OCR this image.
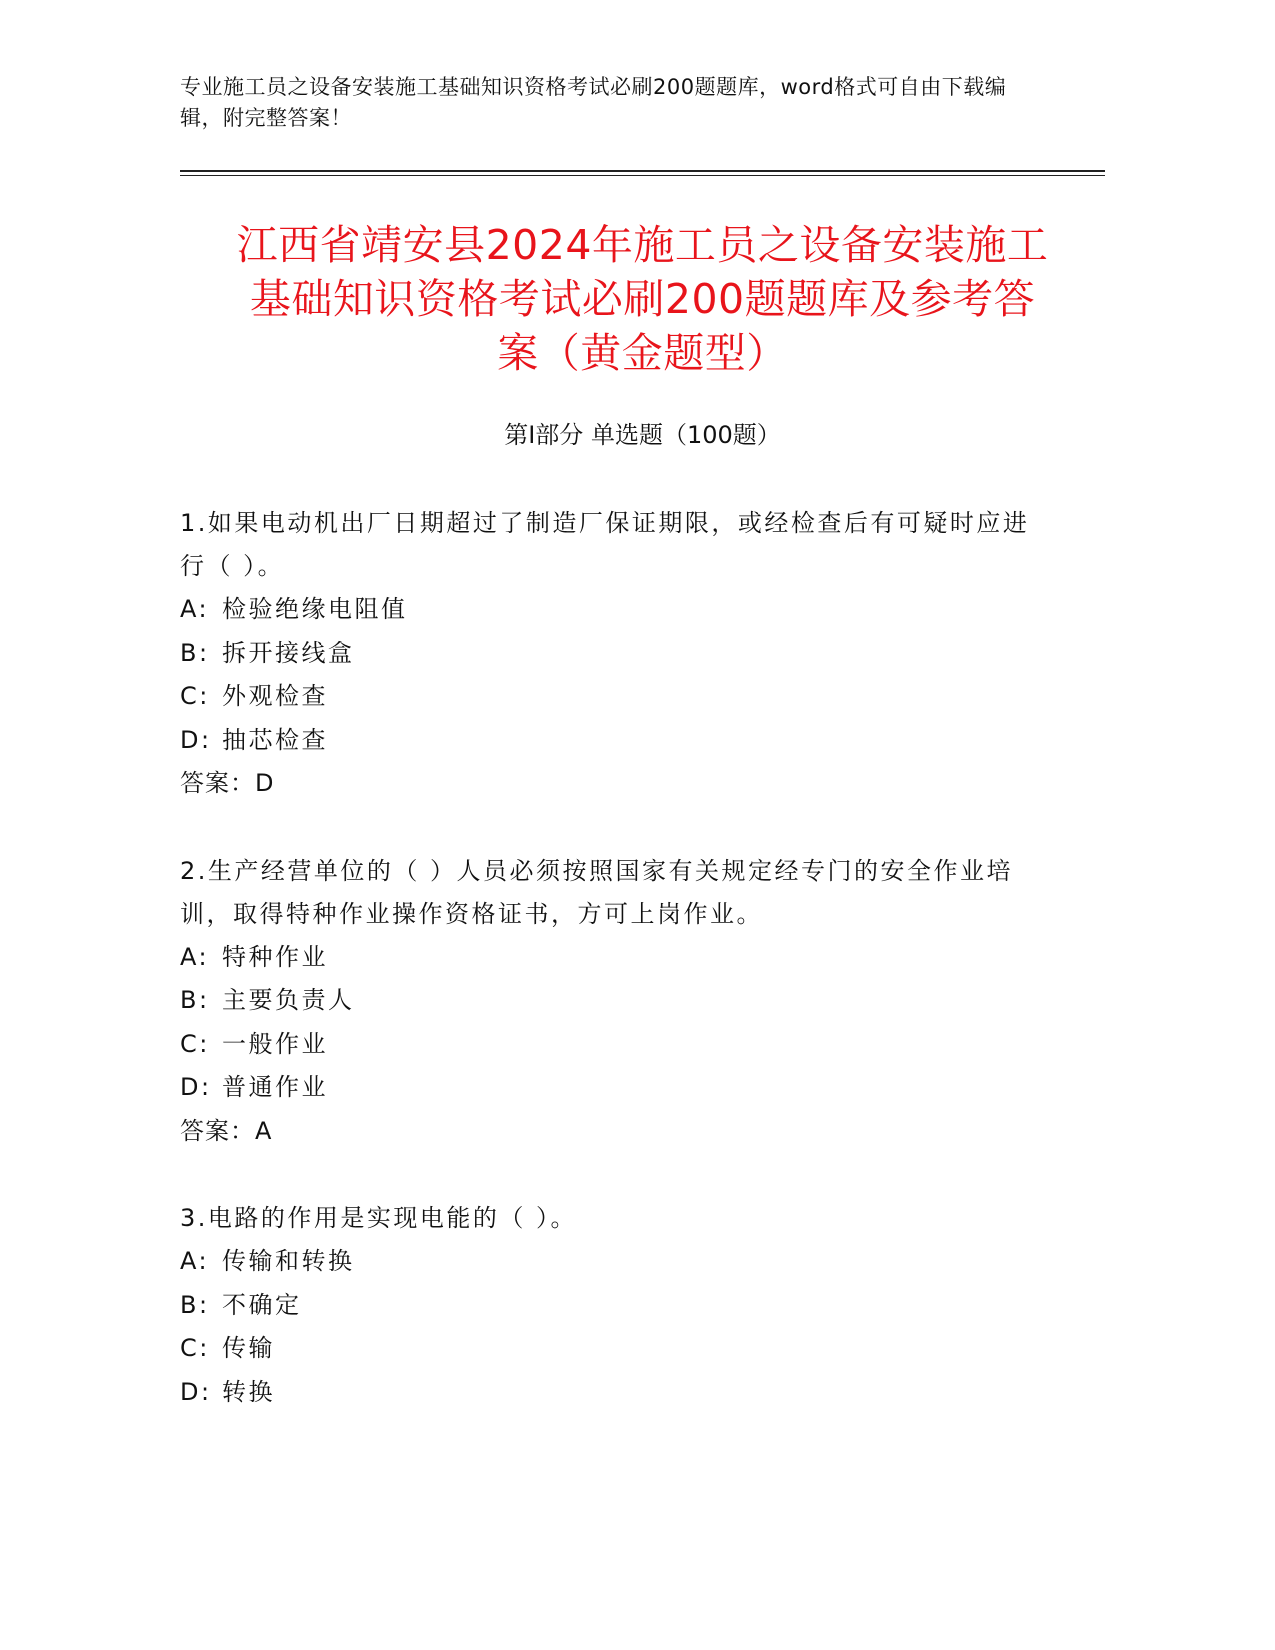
专业施工员之设备安装施工基础知识资格考试必刷200题题库，word格式可自由下载编辑，附完整答案！
江西省靖安县2024年施工员之设备安装施工
基础知识资格考试必刷200题题库及参考答
案（黄金题型）
第Ⅰ部分 单选题（100题）
1.如果电动机出厂日期超过了制造厂保证期限，或经检查后有可疑时应进行（ ）。
A: 检验绝缘电阻值
B: 拆开接线盒
C: 外观检查
D: 抽芯检查
答案：D
2.生产经营单位的（ ）人员必须按照国家有关规定经专门的安全作业培训，取得特种作业操作资格证书，方可上岗作业。
A: 特种作业
B: 主要负责人
C: 一般作业
D: 普通作业
答案：A
3.电路的作用是实现电能的（ ）。
A: 传输和转换
B: 不确定
C: 传输
D: 转换
